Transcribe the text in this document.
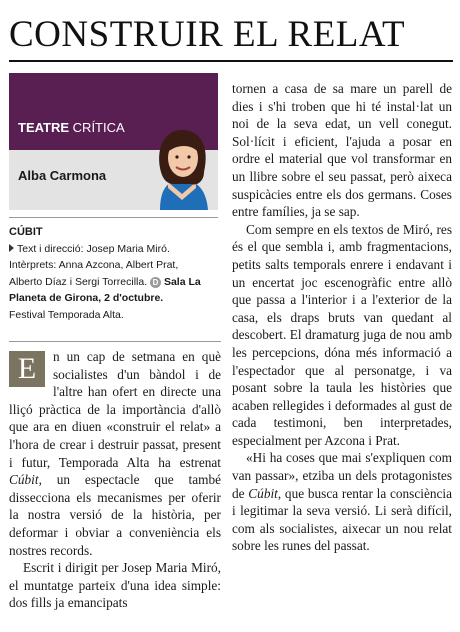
CONSTRUIR EL RELAT
TEATRE CRÍTICA
Alba Carmona
CÚBIT
Text i direcció: Josep Maria Miró.
Intèrprets: Anna Azcona, Albert Prat,
Alberto Díaz i Sergi Torrecilla. D Sala La Planeta de Girona, 2 d'octubre.
Festival Temporada Alta.

E	n un cap de setmana en què socialistes d'un bàndol i de l'altre han ofert en directe una lliçó pràctica de la importància d'allò que ara en diuen «construir el relat» a l'hora de crear i destruir passat, present i futur, Temporada Alta ha estrenat Cúbit, un espectacle que també disseccionа els mecanismes per oferir la nostra versió de la història, per deformar i obviar a conveniència els nostres records.

Escrit i dirigit per Josep Maria Miró, el muntatge parteix d'una idea simple: dos fills ja emancipats

tornen a casa de sa mare un parell de dies i s'hi troben que hi té instal·lat un noi de la seva edat, un vell conegut. Sol·lícit i eficient, l'ajuda a posar en ordre el material que vol transformar en un llibre sobre el seu passat, però aixeca suspicàcies entre els dos germans. Coses entre famílies, ja se sap.

Com sempre en els textos de Miró, res és el que sembla i, amb fragmentacions, petits salts temporals enrere i endavant i un encertat joc escenogràfic entre allò que passa a l'interior i a l'exterior de la casa, els draps bruts van quedant al descobert. El dramaturg juga de nou amb les percepcions, dóna més informació a l'espectador que al personatge, i va posant sobre la taula les històries que acaben rellegides i deformades al gust de cada testimoni, ben interpretades, especialment per Azcona i Prat.

«Hi ha coses que mai s'expliquen com van passar», etziba un dels protagonistes de Cúbit, que busca rentar la consciència i legitimar la seva versió. Li serà difícil, com als socialistes, aixecar un nou relat sobre les runes del passat.
